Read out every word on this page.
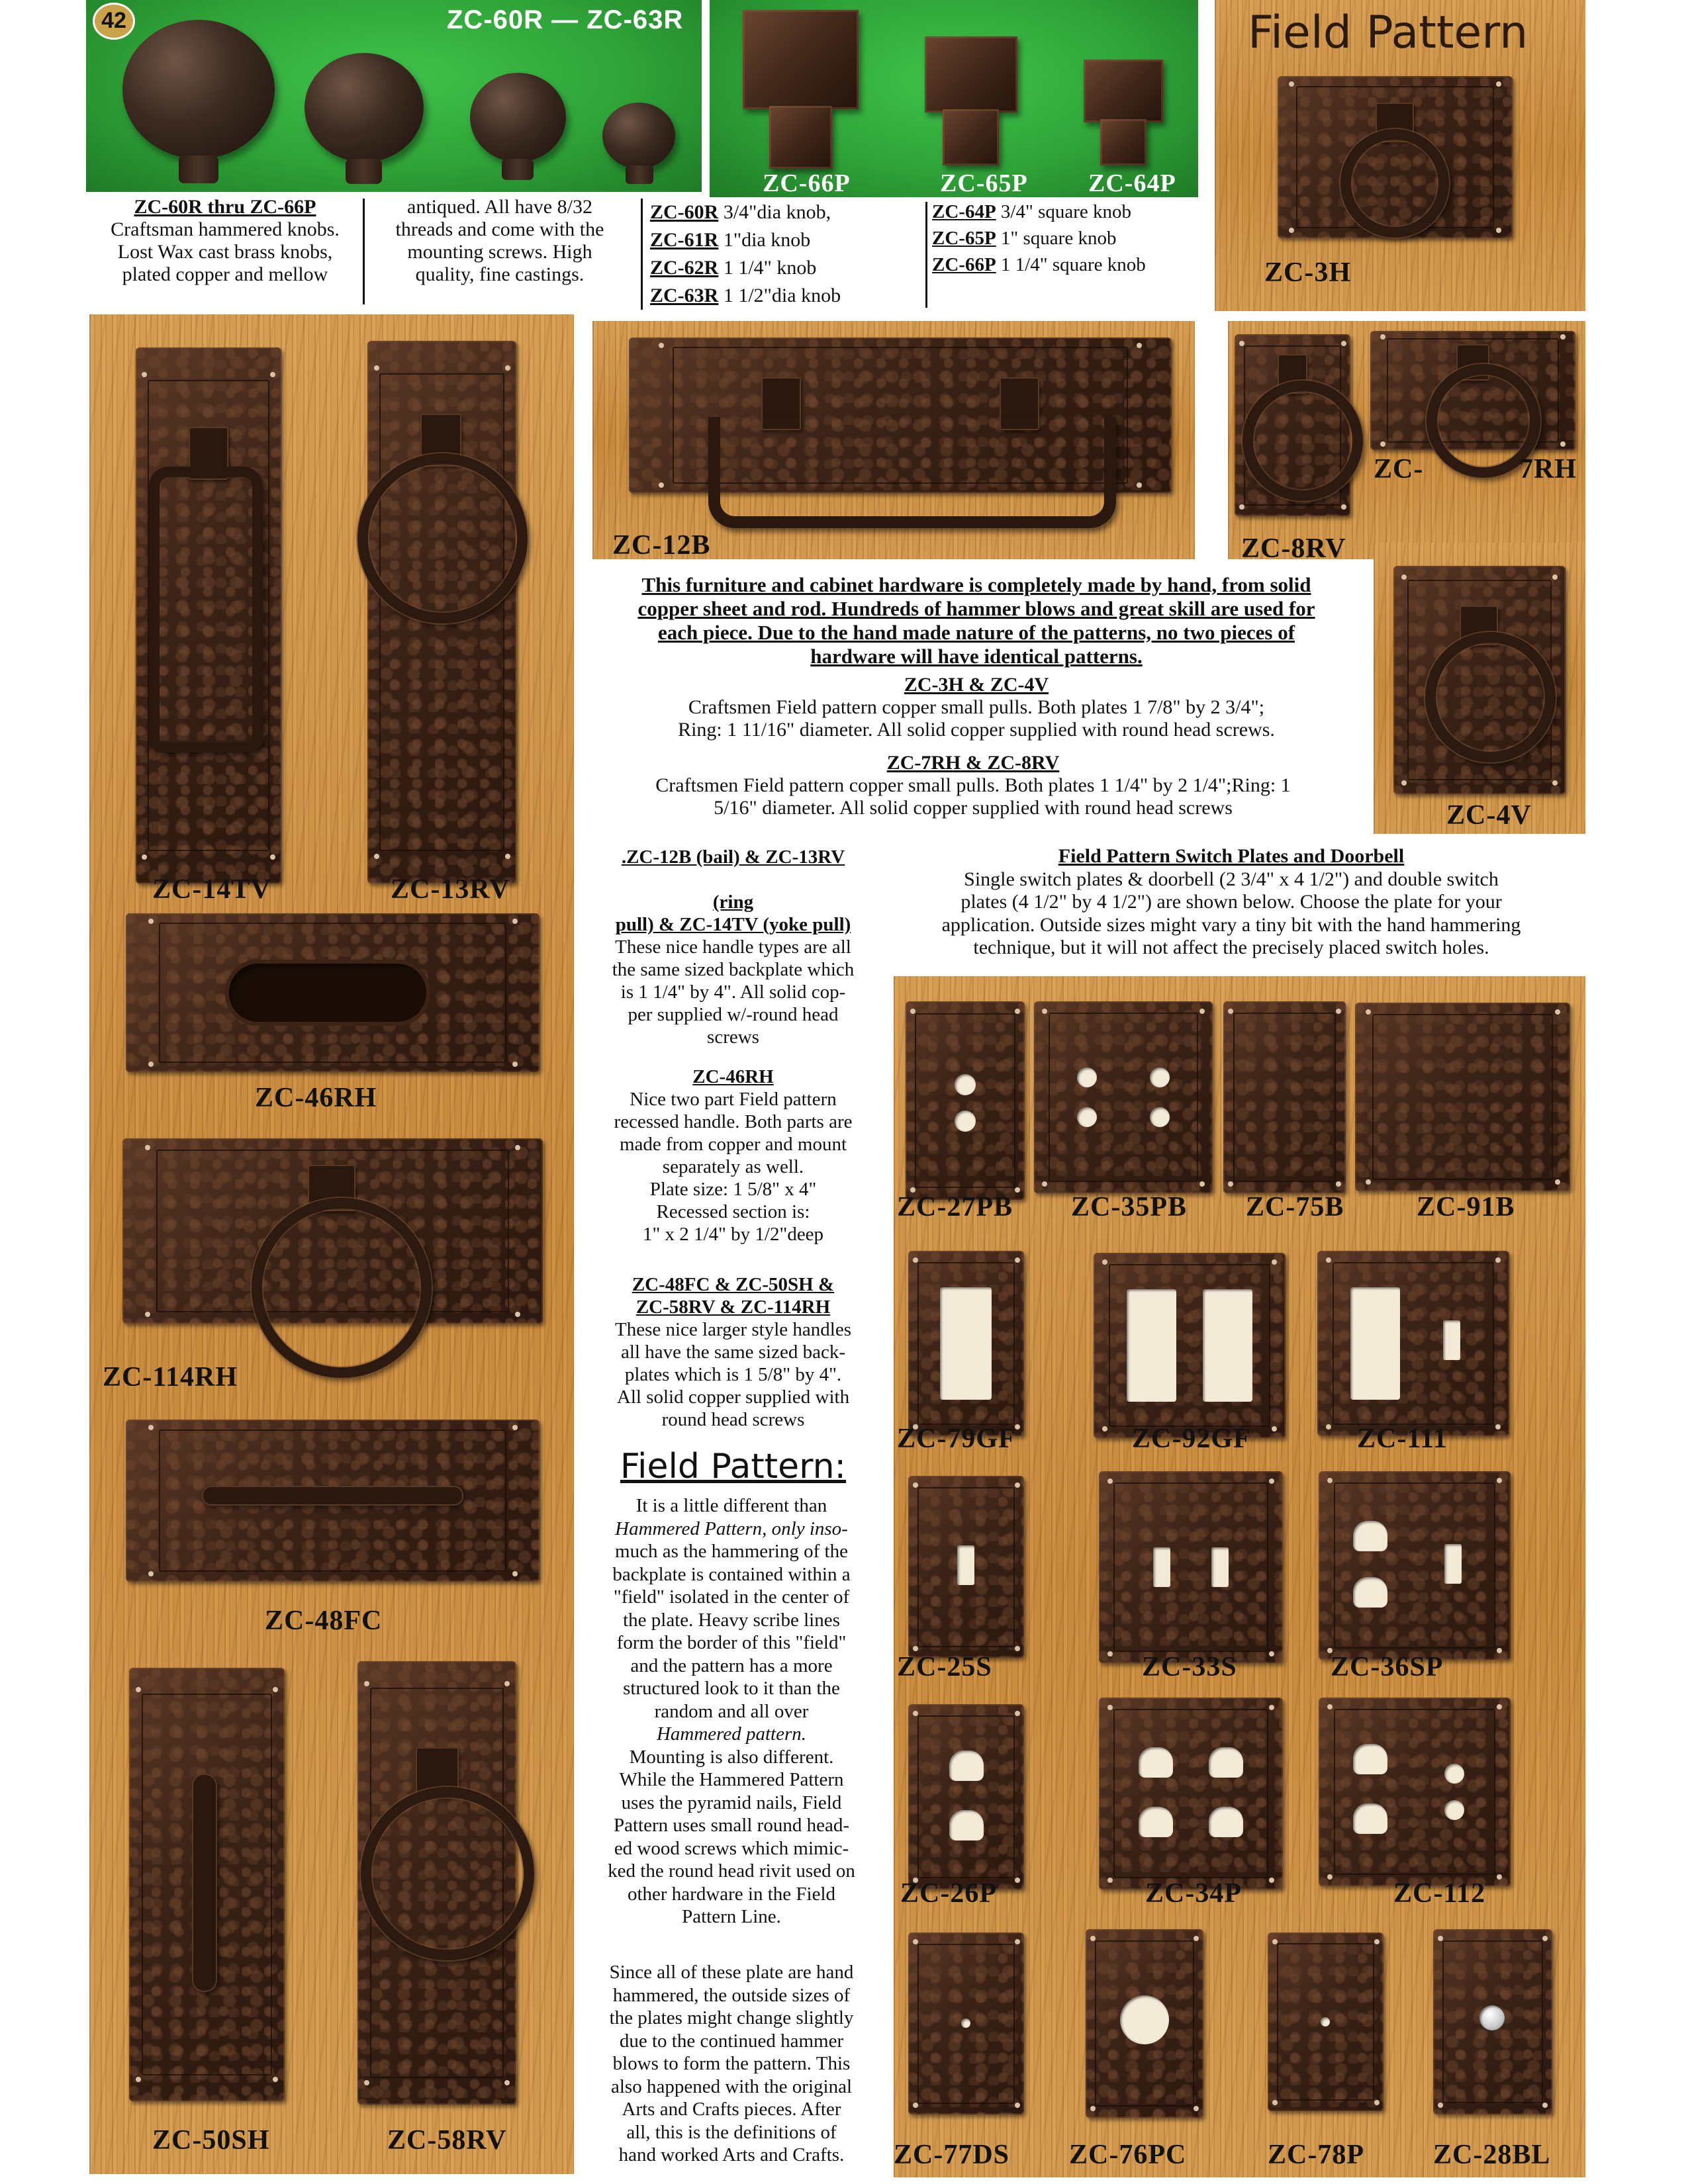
42	ZC-60R — ZC-63R
ZC-66P	ZC-65P ZC-64P
ZC-60R thru ZC-66P
Craftsman hammered knobs.
Lost Wax cast brass knobs,
plated copper and mellow
antiqued. All have 8/32
threads and come with the
mounting screws. High
quality, fine castings.
ZC-60R 3/4"dia knob,
ZC-61R 1"dia knob
ZC-62R 1 1/4" knob
ZC-63R 1 1/2"dia knob
ZC-64P 3/4" square knob
ZC-65P 1" square knob
ZC-66P 1 1/4" square knob
Field Pattern
ZC-3H
ZC-14TV	ZC-13RV
ZC-46RH
ZC-114RH
ZC-48FC
ZC-50SH	ZC-58RV
ZC-12B
ZC-	7RH
ZC-8RV
ZC-4V
This furniture and cabinet hardware is completely made by hand, from solid
copper sheet and rod. Hundreds of hammer blows and great skill are used for
each piece. Due to the hand made nature of the patterns, no two pieces of
hardware will have identical patterns.
ZC-3H & ZC-4V
Craftsmen Field pattern copper small pulls. Both plates 1 7/8" by 2 3/4";
Ring: 1 11/16" diameter. All solid copper supplied with round head screws.
ZC-7RH & ZC-8RV
Craftsmen Field pattern copper small pulls. Both plates 1 1/4" by 2 1/4";Ring: 1
5/16" diameter. All solid copper supplied with round head screws
.ZC-12B (bail) & ZC-13RV
(ring
pull) & ZC-14TV (yoke pull)
These nice handle types are all
the same sized backplate which
is 1 1/4" by 4". All solid cop-
per supplied w/-round head
screws
ZC-46RH
Nice two part Field pattern
recessed handle. Both parts are
made from copper and mount
separately as well.
Plate size: 1 5/8" x 4"
Recessed section is:
1" x 2 1/4" by 1/2"deep
ZC-48FC & ZC-50SH &
ZC-58RV & ZC-114RH
These nice larger style handles
all have the same sized back-
plates which is 1 5/8" by 4".
All solid copper supplied with
round head screws
Field Pattern:
It is a little different than
Hammered Pattern, only inso-
much as the hammering of the
backplate is contained within a
"field" isolated in the center of
the plate. Heavy scribe lines
form the border of this "field"
and the pattern has a more
structured look to it than the
random and all over
Hammered pattern.
Mounting is also different.
While the Hammered Pattern
uses the pyramid nails, Field
Pattern uses small round head-
ed wood screws which mimic-
ked the round head rivit used on
other hardware in the Field
Pattern Line.
Since all of these plate are hand
hammered, the outside sizes of
the plates might change slightly
due to the continued hammer
blows to form the pattern. This
also happened with the original
Arts and Crafts pieces. After
all, this is the definitions of
hand worked Arts and Crafts.
Field Pattern Switch Plates and Doorbell
Single switch plates & doorbell (2 3/4" x 4 1/2") and double switch
plates (4 1/2" by 4 1/2") are shown below. Choose the plate for your
application. Outside sizes might vary a tiny bit with the hand hammering
technique, but it will not affect the precisely placed switch holes.
ZC-27PB ZC-35PB ZC-75B	ZC-91B
ZC-79GF	ZC-92GF	ZC-111
ZC-25S	ZC-33S	ZC-36SP
ZC-26P	ZC-34P	ZC-112
ZC-77DS ZC-76PC	ZC-78P ZC-28BL
